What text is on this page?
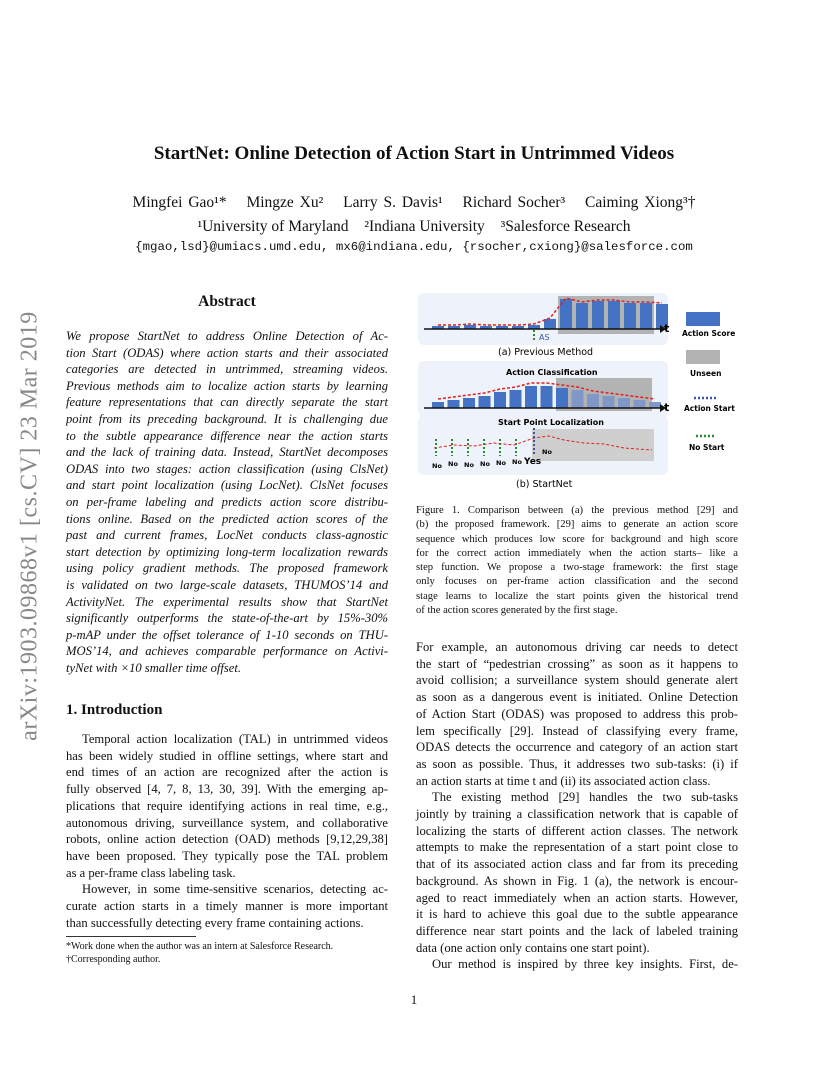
StartNet: Online Detection of Action Start in Untrimmed Videos
Mingfei Gao¹* Mingze Xu² Larry S. Davis¹ Richard Socher³ Caiming Xiong³†
¹University of Maryland ²Indiana University ³Salesforce Research
{mgao,lsd}@umiacs.umd.edu, mx6@indiana.edu, {rsocher,cxiong}@salesforce.com
arXiv:1903.09868v1 [cs.CV] 23 Mar 2019
Abstract
We propose StartNet to address Online Detection of Ac-
tion Start (ODAS) where action starts and their associated
categories are detected in untrimmed, streaming videos.
Previous methods aim to localize action starts by learning
feature representations that can directly separate the start
point from its preceding background. It is challenging due
to the subtle appearance difference near the action starts
and the lack of training data. Instead, StartNet decomposes
ODAS into two stages: action classification (using ClsNet)
and start point localization (using LocNet). ClsNet focuses
on per-frame labeling and predicts action score distribu-
tions online. Based on the predicted action scores of the
past and current frames, LocNet conducts class-agnostic
start detection by optimizing long-term localization rewards
using policy gradient methods. The proposed framework
is validated on two large-scale datasets, THUMOS’14 and
ActivityNet. The experimental results show that StartNet
significantly outperforms the state-of-the-art by 15%-30%
p-mAP under the offset tolerance of 1-10 seconds on THU-
MOS’14, and achieves comparable performance on Activi-
tyNet with ×10 smaller time offset.
1. Introduction
Temporal action localization (TAL) in untrimmed videos
has been widely studied in offline settings, where start and
end times of an action are recognized after the action is
fully observed [4, 7, 8, 13, 30, 39]. With the emerging ap-
plications that require identifying actions in real time, e.g.,
autonomous driving, surveillance system, and collaborative
robots, online action detection (OAD) methods [9,12,29,38]
have been proposed. They typically pose the TAL problem
as a per-frame class labeling task.
However, in some time-sensitive scenarios, detecting ac-
curate action starts in a timely manner is more important
than successfully detecting every frame containing actions.
*Work done when the author was an intern at Salesforce Research.
†Corresponding author.
t
AS
(a) Previous Method
Action Classification
t
Start Point Localization
No No No No No No
No
Yes
(b) StartNet
Action Score
Unseen
Action Start
No Start
Figure 1. Comparison between (a) the previous method [29] and
(b) the proposed framework. [29] aims to generate an action score
sequence which produces low score for background and high score
for the correct action immediately when the action starts– like a
step function. We propose a two-stage framework: the first stage
only focuses on per-frame action classification and the second
stage learns to localize the start points given the historical trend
of the action scores generated by the first stage.
For example, an autonomous driving car needs to detect
the start of “pedestrian crossing” as soon as it happens to
avoid collision; a surveillance system should generate alert
as soon as a dangerous event is initiated. Online Detection
of Action Start (ODAS) was proposed to address this prob-
lem specifically [29]. Instead of classifying every frame,
ODAS detects the occurrence and category of an action start
as soon as possible. Thus, it addresses two sub-tasks: (i) if
an action starts at time t and (ii) its associated action class.
The existing method [29] handles the two sub-tasks
jointly by training a classification network that is capable of
localizing the starts of different action classes. The network
attempts to make the representation of a start point close to
that of its associated action class and far from its preceding
background. As shown in Fig. 1 (a), the network is encour-
aged to react immediately when an action starts. However,
it is hard to achieve this goal due to the subtle appearance
difference near start points and the lack of labeled training
data (one action only contains one start point).
Our method is inspired by three key insights. First, de-
1
